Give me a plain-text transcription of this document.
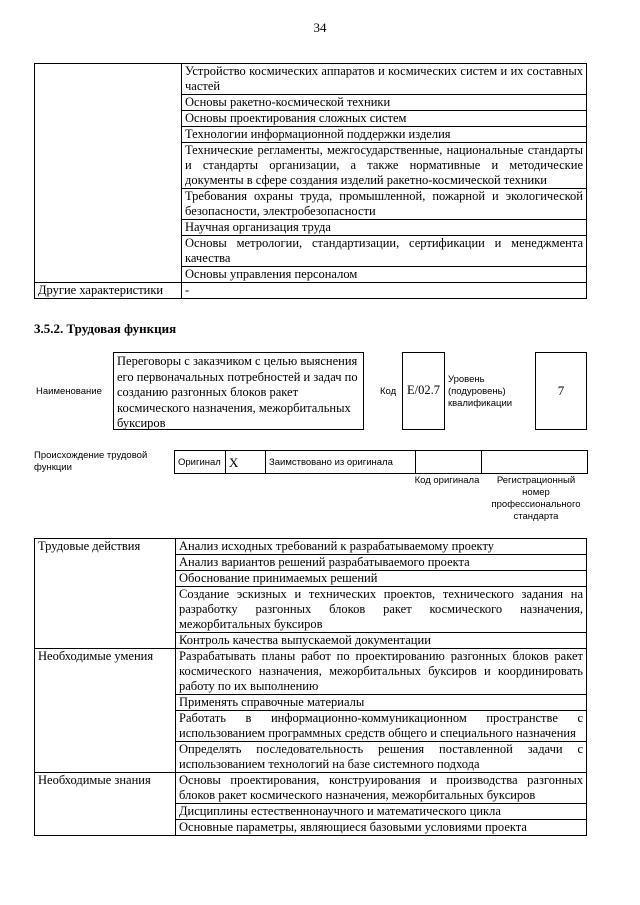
34
	Устройство космических аппаратов и космических систем и их составных частей
	Основы ракетно-космической техники
	Основы проектирования сложных систем
	Технологии информационной поддержки изделия
	Технические регламенты, межгосударственные, национальные стандарты и стандарты организации, а также нормативные и методические документы в сфере создания изделий ракетно-космической техники
	Требования охраны труда, промышленной, пожарной и экологической безопасности, электробезопасности
	Научная организация труда
	Основы метрологии, стандартизации, сертификации и менеджмента качества
	Основы управления персоналом
Другие характеристики	-
3.5.2. Трудовая функция
Наименование
Переговоры с заказчиком с целью выяснения его первоначальных потребностей и задач по созданию разгонных блоков ракет космического назначения, межорбитальных буксиров
Код E/02.7
Уровень (подуровень) квалификации
7
Происхождение трудовой функции	Оригинал	X	Заимствовано из оригинала		
Код оригинала	Регистрационный номер профессионального стандарта
Трудовые действия	Анализ исходных требований к разрабатываемому проекту
	Анализ вариантов решений разрабатываемого проекта
	Обоснование принимаемых решений
	Создание эскизных и технических проектов, технического задания на разработку разгонных блоков ракет космического назначения, межорбитальных буксиров
	Контроль качества выпускаемой документации
Необходимые умения	Разрабатывать планы работ по проектированию разгонных блоков ракет космического назначения, межорбитальных буксиров и координировать работу по их выполнению
	Применять справочные материалы
	Работать в информационно-коммуникационном пространстве с использованием программных средств общего и специального назначения
	Определять последовательность решения поставленной задачи с использованием технологий на базе системного подхода
Необходимые знания	Основы проектирования, конструирования и производства разгонных блоков ракет космического назначения, межорбитальных буксиров
	Дисциплины естественнонаучного и математического цикла
	Основные параметры, являющиеся базовыми условиями проекта
